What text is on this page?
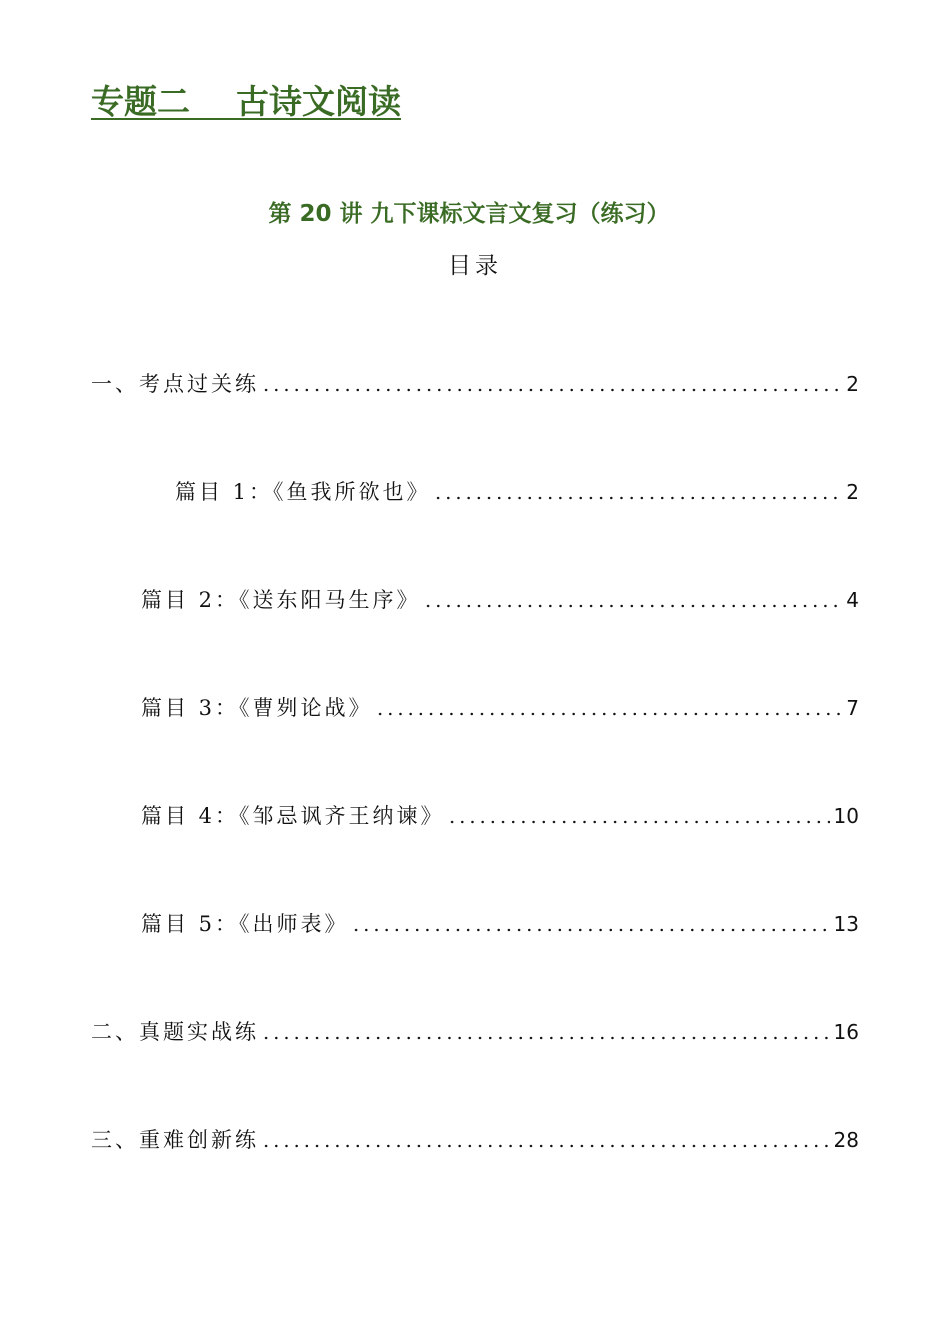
专题二    古诗文阅读
第 20 讲 九下课标文言文复习（练习）
目录
一、考点过关练	2
篇目 1：《鱼我所欲也》	2
篇目 2：《送东阳马生序》	4
篇目 3：《曹刿论战》	7
篇目 4：《邹忌讽齐王纳谏》	10
篇目 5：《出师表》	13
二、真题实战练	16
三、重难创新练	28
